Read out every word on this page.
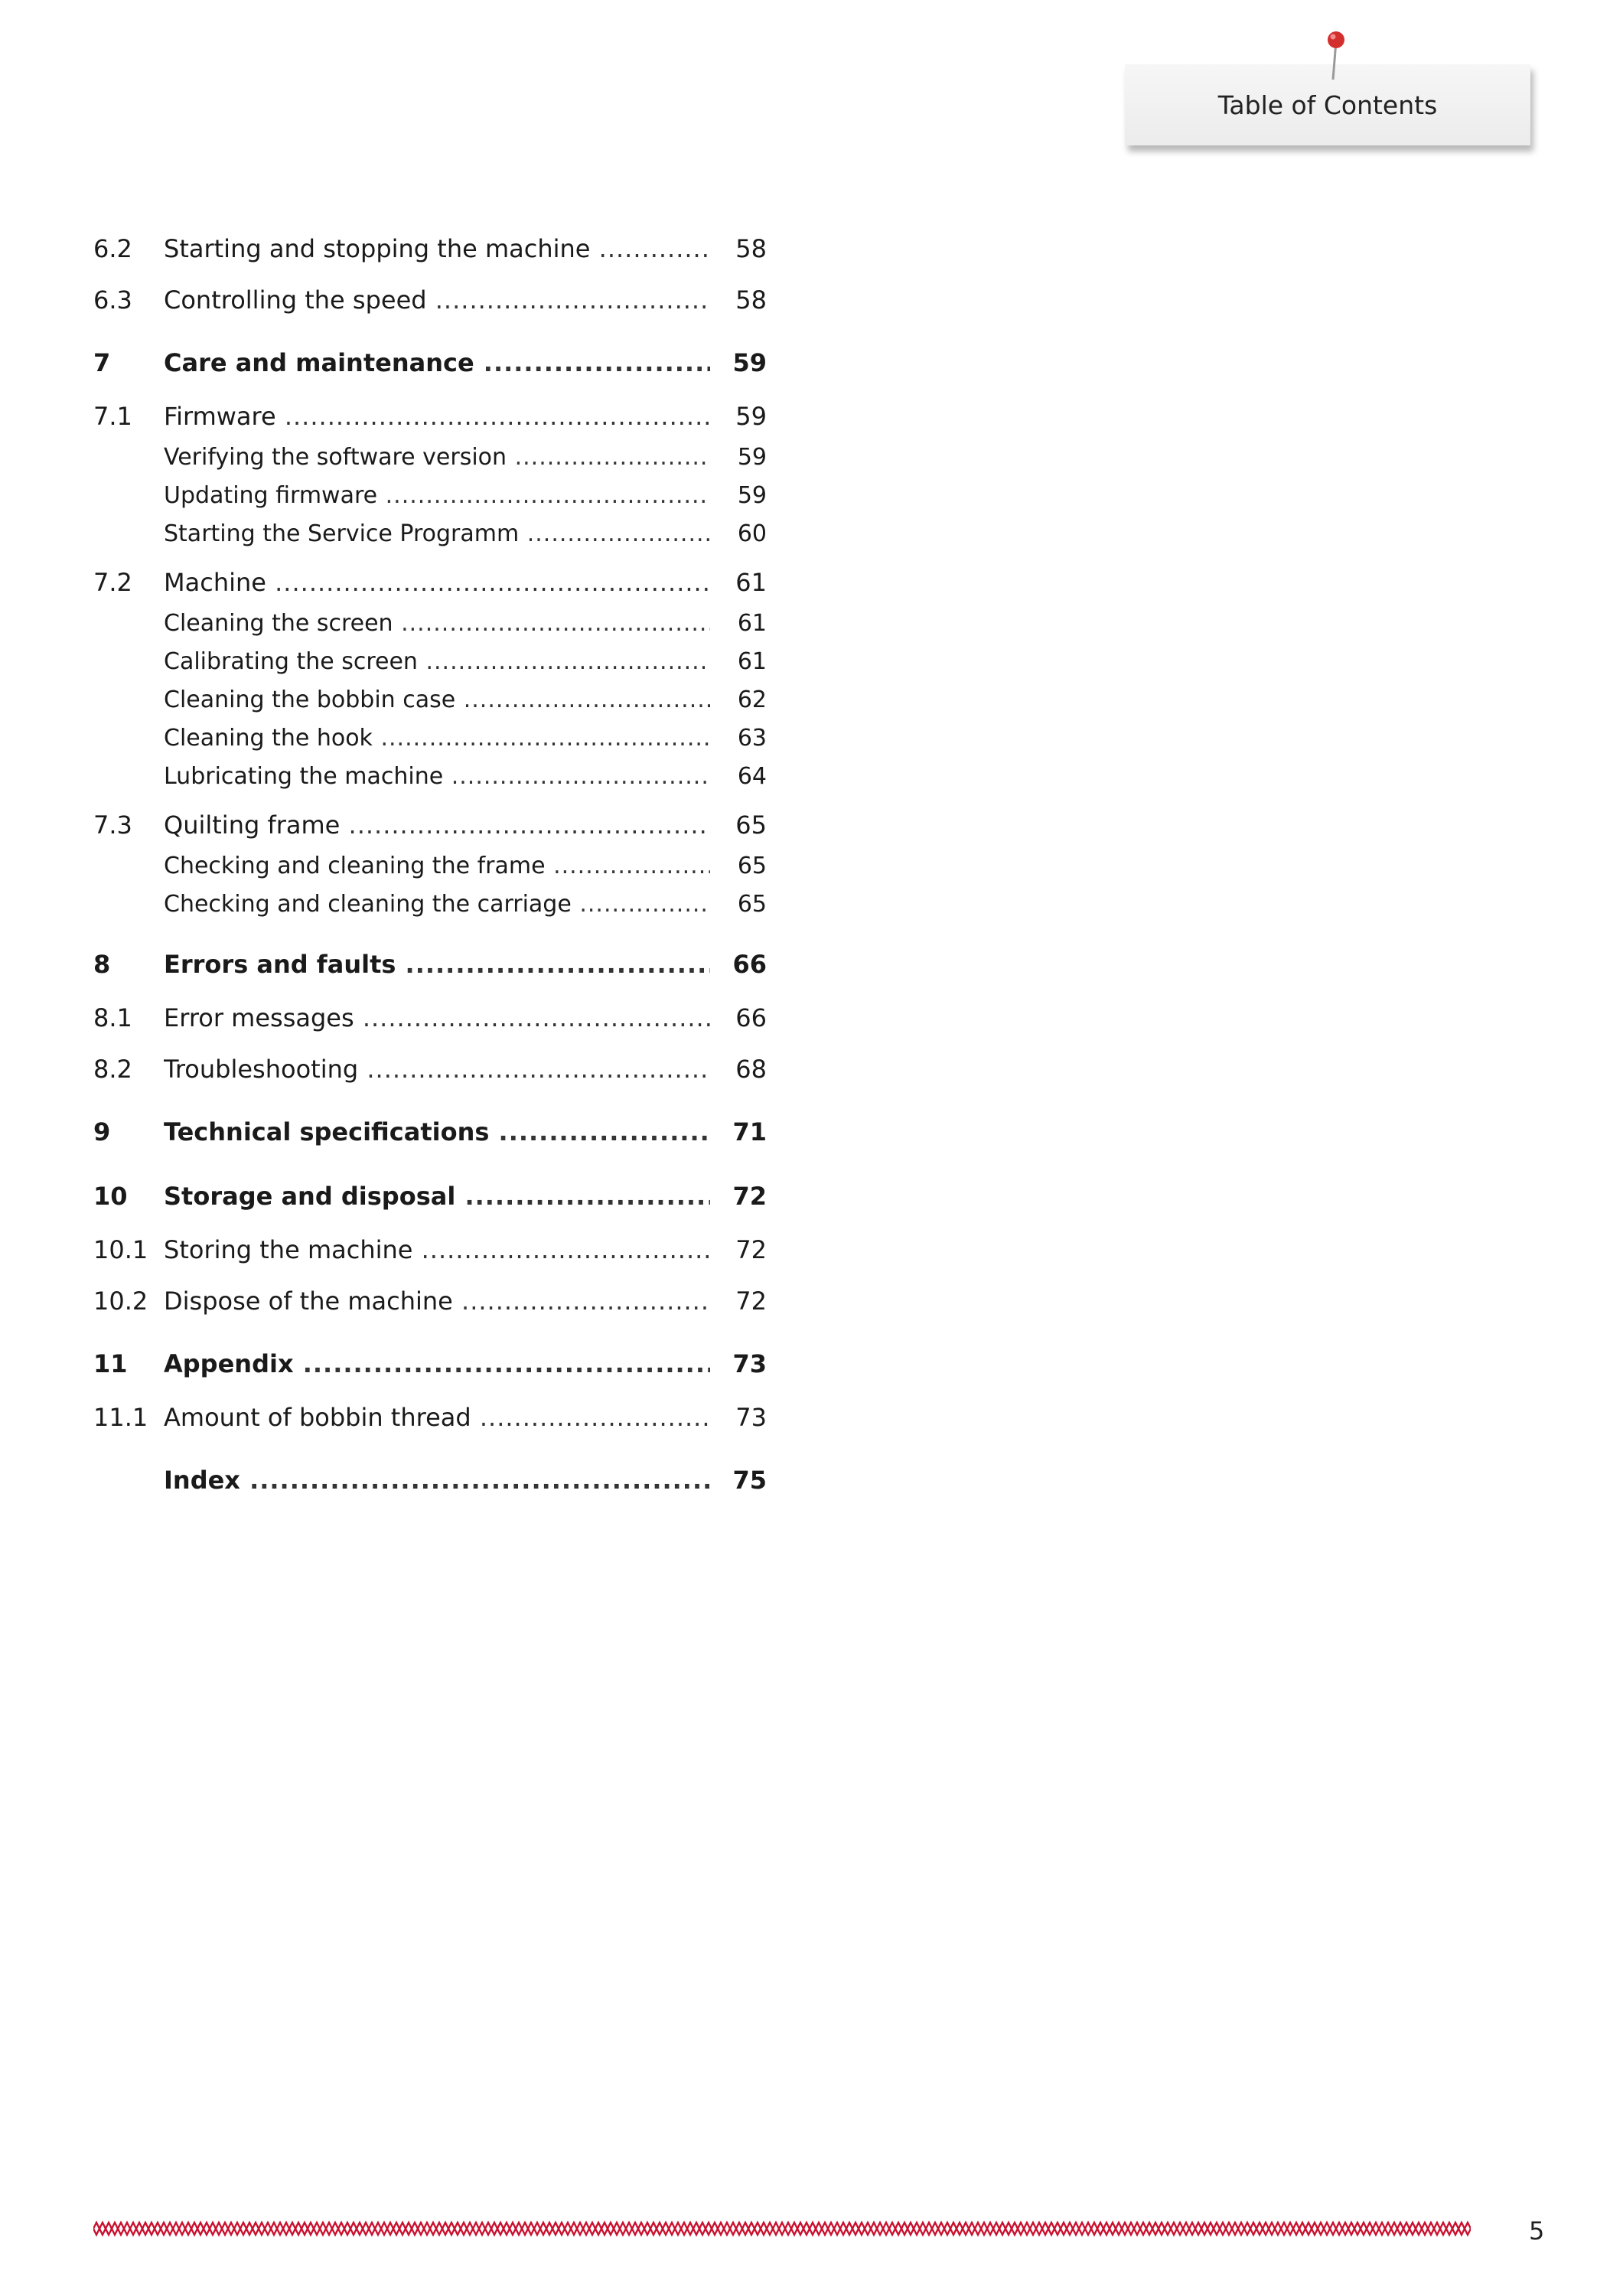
Table of Contents
6.2 Starting and stopping the machine .....	58
6.3 Controlling the speed .....	58
7 Care and maintenance .....	59
7.1 Firmware .....	59
Verifying the software version .....	59
Updating firmware .....	59
Starting the Service Programm .....	60
7.2 Machine .....	61
Cleaning the screen .....	61
Calibrating the screen .....	61
Cleaning the bobbin case .....	62
Cleaning the hook .....	63
Lubricating the machine .....	64
7.3 Quilting frame .....	65
Checking and cleaning the frame .....	65
Checking and cleaning the carriage .....	65
8 Errors and faults .....	66
8.1 Error messages .....	66
8.2 Troubleshooting .....	68
9 Technical specifications .....	71
10 Storage and disposal .....	72
10.1 Storing the machine .....	72
10.2 Dispose of the machine .....	72
11 Appendix .....	73
11.1 Amount of bobbin thread .....	73
Index .....	75
5
